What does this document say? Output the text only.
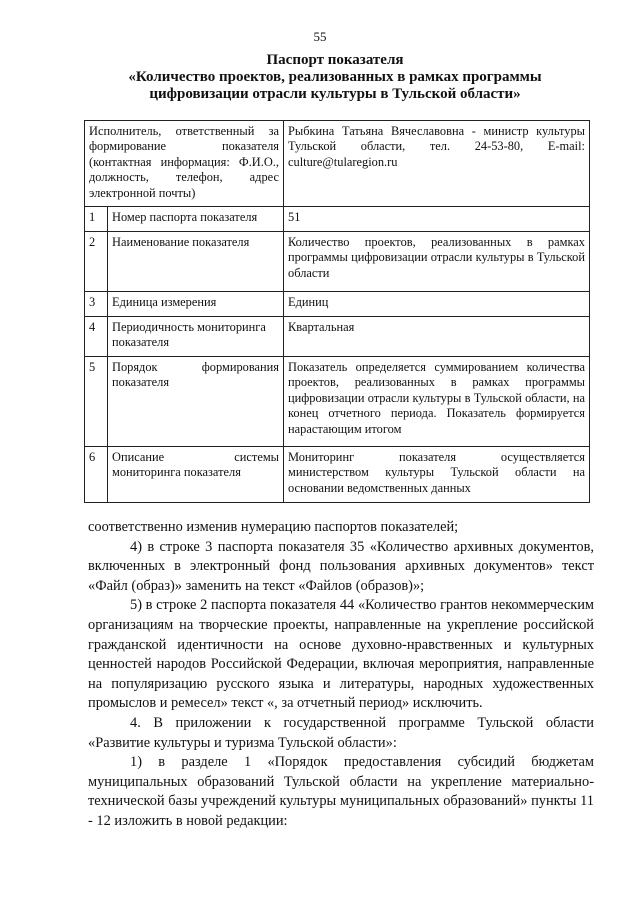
55
Паспорт показателя
«Количество проектов, реализованных в рамках программы
цифровизации отрасли культуры в Тульской области»
Исполнитель, ответственный за формирование показателя (контактная информация: Ф.И.О., должность, телефон, адрес электронной почты)		Рыбкина Татьяна Вячеславовна - министр культуры Тульской области, тел. 24-53-80, E-mail: culture@tularegion.ru
1	Номер паспорта показателя	51
2	Наименование показателя	Количество проектов, реализованных в рамках программы цифровизации отрасли культуры в Тульской области
3	Единица измерения	Единиц
4	Периодичность мониторинга показателя	Квартальная
5	Порядок формирования показателя	Показатель определяется суммированием количества проектов, реализованных в рамках программы цифровизации отрасли культуры в Тульской области, на конец отчетного периода. Показатель формируется нарастающим итогом
6	Описание системы мониторинга показателя	Мониторинг показателя осуществляется министерством культуры Тульской области на основании ведомственных данных

соответственно изменив нумерацию паспортов показателей;

4) в строке 3 паспорта показателя 35 «Количество архивных документов, включенных в электронный фонд пользования архивных документов» текст «Файл (образ)» заменить на текст «Файлов (образов)»;

5) в строке 2 паспорта показателя 44 «Количество грантов некоммерческим организациям на творческие проекты, направленные на укрепление российской гражданской идентичности на основе духовно-нравственных и культурных ценностей народов Российской Федерации, включая мероприятия, направленные на популяризацию русского языка и литературы, народных художественных промыслов и ремесел» текст «, за отчетный период» исключить.

4. В приложении к государственной программе Тульской области «Развитие культуры и туризма Тульской области»:

1) в разделе 1 «Порядок предоставления субсидий бюджетам муниципальных образований Тульской области на укрепление материально-технической базы учреждений культуры муниципальных образований» пункты 11 - 12 изложить в новой редакции:
